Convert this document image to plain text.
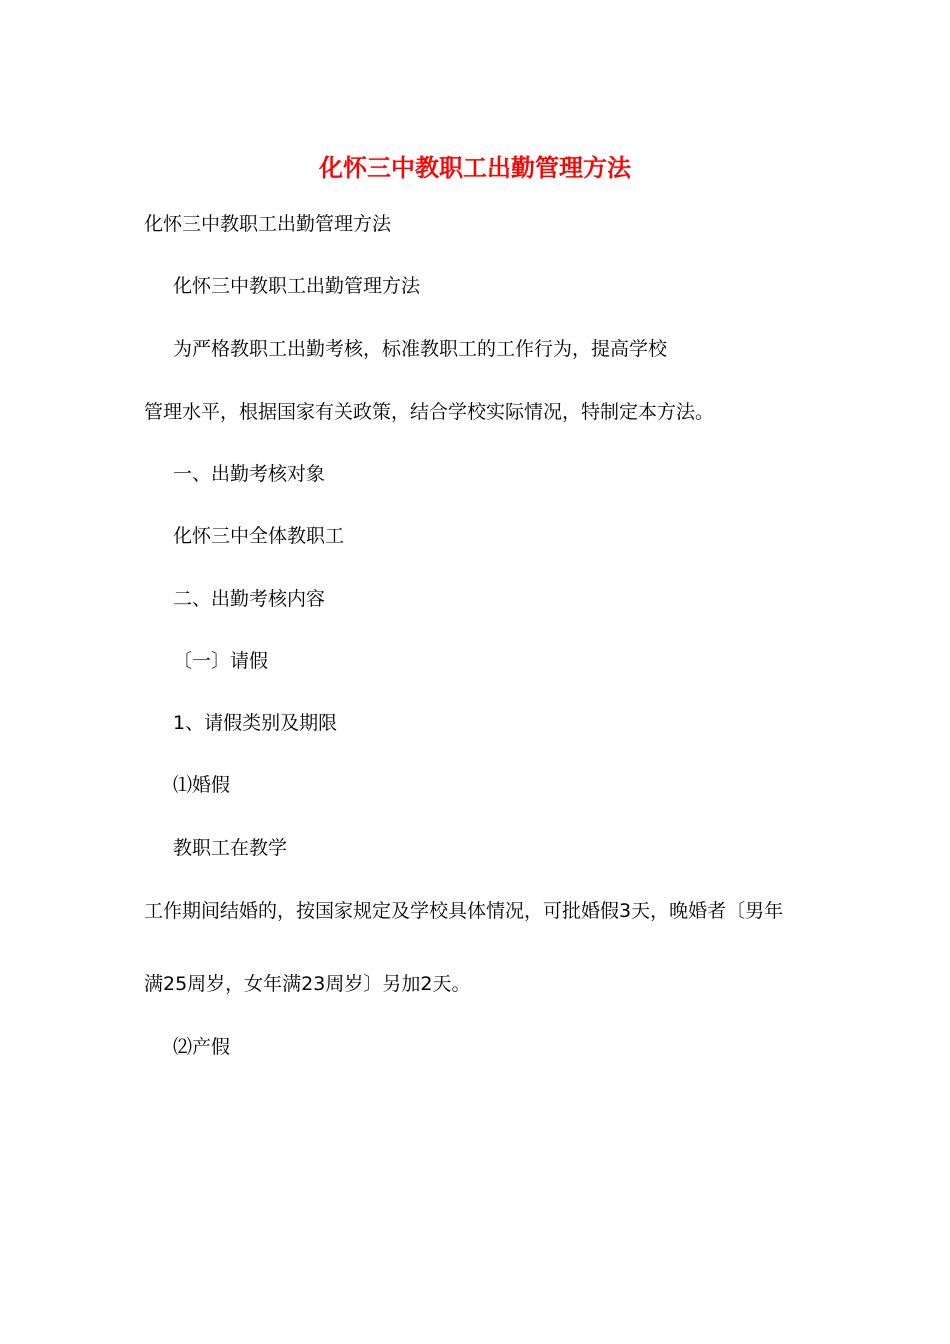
化怀三中教职工出勤管理方法
化怀三中教职工出勤管理方法
化怀三中教职工出勤管理方法
为严格教职工出勤考核，标准教职工的工作行为，提高学校
管理水平，根据国家有关政策，结合学校实际情况，特制定本方法。
一、出勤考核对象
化怀三中全体教职工
二、出勤考核内容
〔一〕请假
1、请假类别及期限
⑴婚假
教职工在教学
工作期间结婚的，按国家规定及学校具体情况，可批婚假3天，晚婚者〔男年
满25周岁，女年满23周岁〕另加2天。
⑵产假
